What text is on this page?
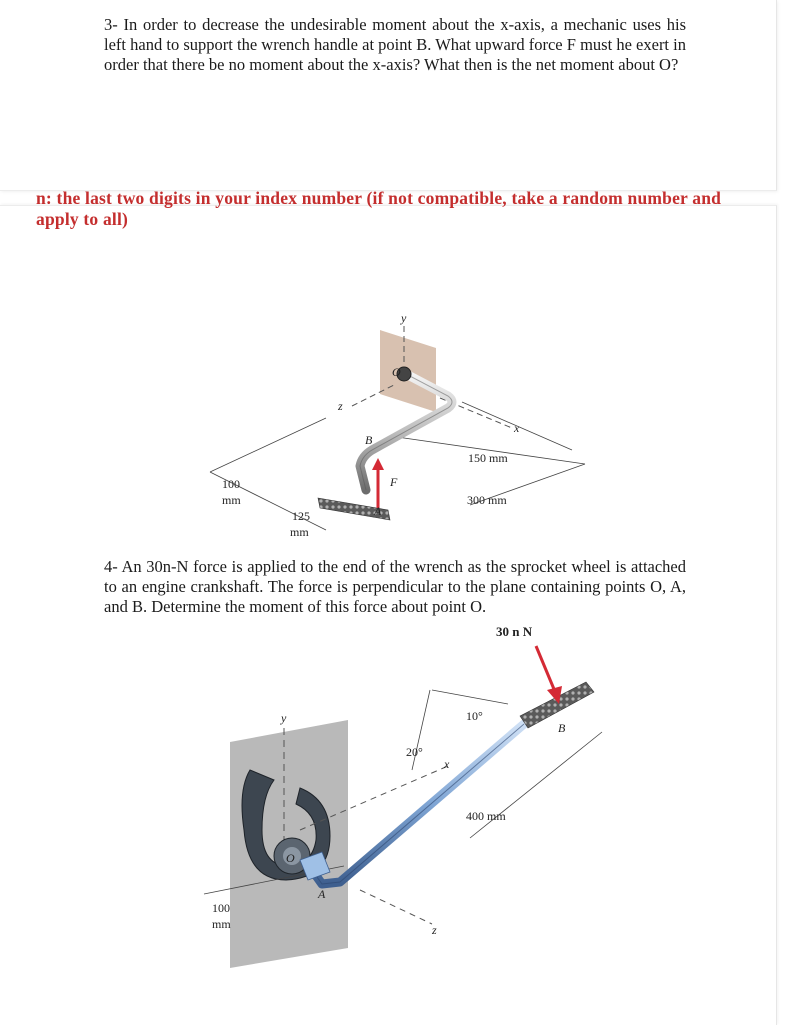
3- In order to decrease the undesirable moment about the x-axis, a mechanic uses his left hand to support the wrench handle at point B. What upward force F must he exert in order that there be no moment about the x-axis? What then is the net moment about O?

n: the last two digits in your index number (if not compatible, take a random number and apply to all)

4- An 30n-N force is applied to the end of the wrench as the sprocket wheel is attached to an engine crankshaft. The force is perpendicular to the plane containing points O, A, and B. Determine the moment of this force about point O.

y
z
x
O
F
B
A
150 mm
300 mm
100
mm
125
mm
30 n N
y
O
x
z
B
A
10°
20°
400 mm
100
mm
